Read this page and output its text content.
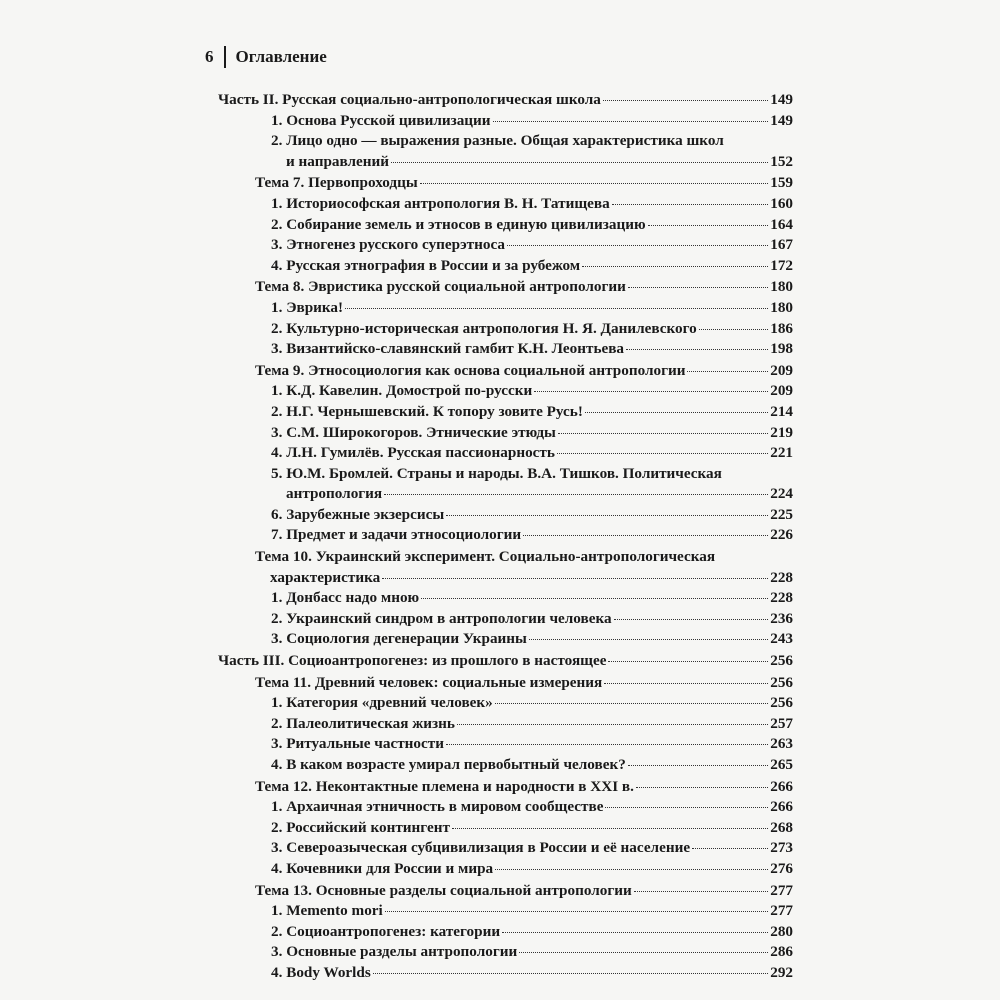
6 Оглавление
Часть II. Русская социально-антропологическая школа	149
1. Основа Русской цивилизации	149
2. Лицо одно — выражения разные. Общая характеристика школ
и направлений	152
Тема 7. Первопроходцы	159
1. Историософская антропология В. Н. Татищева	160
2. Собирание земель и этносов в единую цивилизацию	164
3. Этногенез русского суперэтноса	167
4. Русская этнография в России и за рубежом	172
Тема 8. Эвристика русской социальной антропологии	180
1. Эврика!	180
2. Культурно-историческая антропология Н. Я. Данилевского	186
3. Византийско-славянский гамбит К.Н. Леонтьева	198
Тема 9. Этносоциология как основа социальной антропологии	209
1. К.Д. Кавелин. Домострой по-русски	209
2. Н.Г. Чернышевский. К топору зовите Русь!	214
3. С.М. Широкогоров. Этнические этюды	219
4. Л.Н. Гумилёв. Русская пассионарность	221
5. Ю.М. Бромлей. Страны и народы. В.А. Тишков. Политическая
антропология	224
6. Зарубежные экзерсисы	225
7. Предмет и задачи этносоциологии	226
Тема 10. Украинский эксперимент. Социально-антропологическая
характеристика	228
1. Донбасс надо мною	228
2. Украинский синдром в антропологии человека	236
3. Социология дегенерации Украины	243
Часть III. Социоантропогенез: из прошлого в настоящее	256
Тема 11. Древний человек: социальные измерения	256
1. Категория «древний человек»	256
2. Палеолитическая жизнь	257
3. Ритуальные частности	263
4. В каком возрасте умирал первобытный человек?	265
Тема 12. Неконтактные племена и народности в XXI в.	266
1. Архаичная этничность в мировом сообществе	266
2. Российский контингент	268
3. Североазыческая субцивилизация в России и её население	273
4. Кочевники для России и мира	276
Тема 13. Основные разделы социальной антропологии	277
1. Memento mori	277
2. Социоантропогенез: категории	280
3. Основные разделы антропологии	286
4. Body Worlds	292
